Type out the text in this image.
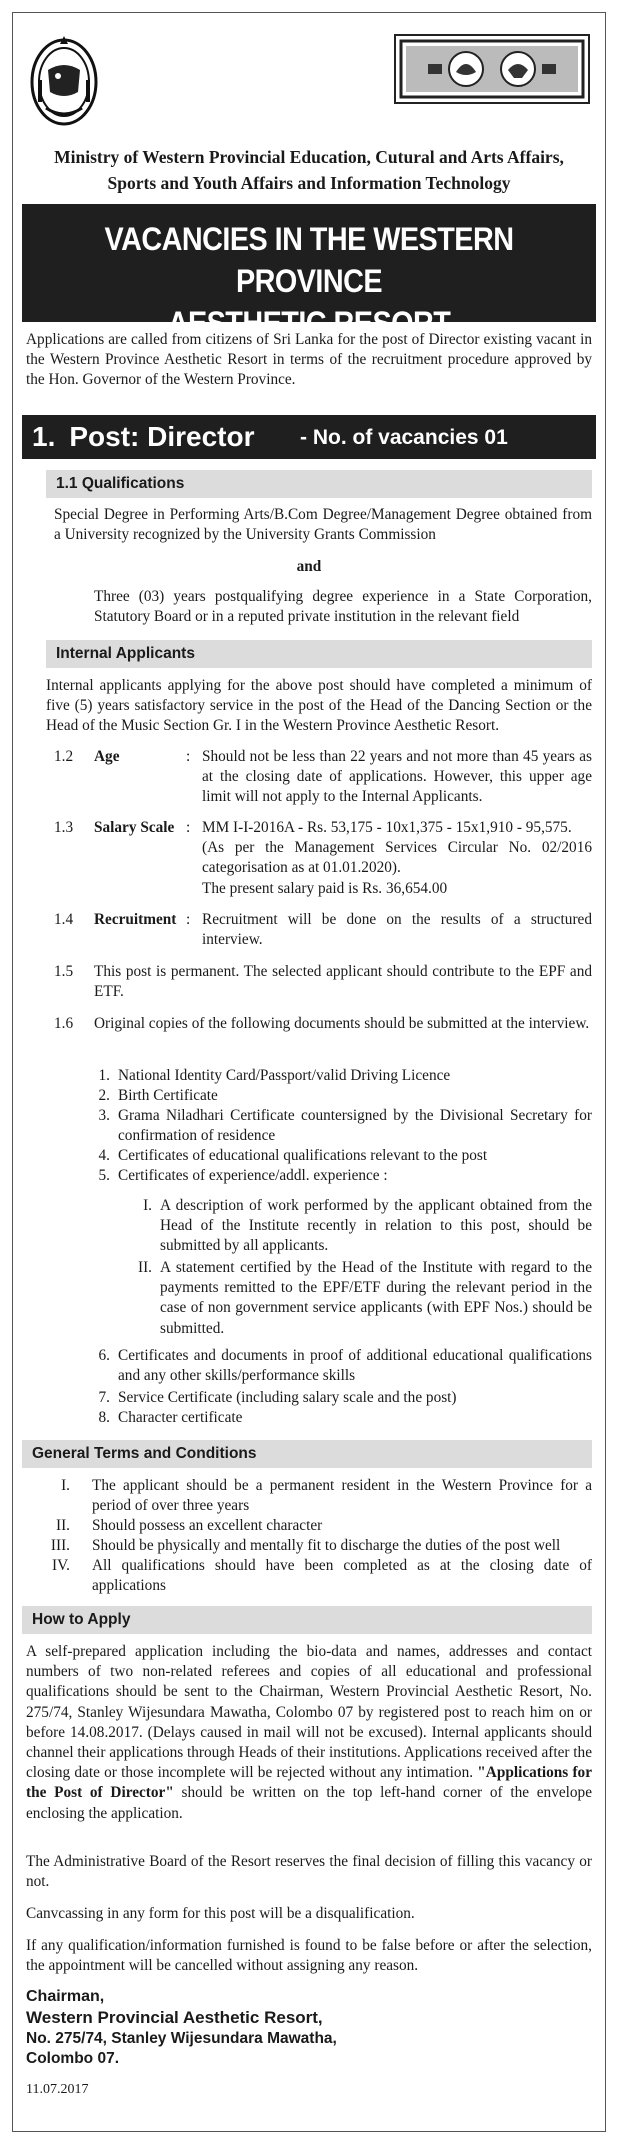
Ministry of Western Provincial Education, Cutural and Arts Affairs,
Sports and Youth Affairs and Information Technology
VACANCIES IN THE WESTERN PROVINCE
AESTHETIC RESORT
Applications are called from citizens of Sri Lanka for the post of Director existing vacant in the Western Province Aesthetic Resort in terms of the recruitment procedure approved by the Hon. Governor of the Western Province.
1. Post: Director - No. of vacancies 01
1.1 Qualifications
Special Degree in Performing Arts/B.Com Degree/Management Degree obtained from a University recognized by the University Grants Commission
and
Three (03) years postqualifying degree experience in a State Corporation, Statutory Board or in a reputed private institution in the relevant field
Internal Applicants
Internal applicants applying for the above post should have completed a minimum of five (5) years satisfactory service in the post of the Head of the Dancing Section or the Head of the Music Section Gr. I in the Western Province Aesthetic Resort.
1.2 Age	: Should not be less than 22 years and not more than 45 years as at the closing date of applications. However, this upper age limit will not apply to the Internal Applicants.
1.3 Salary Scale : MM I-I-2016A - Rs. 53,175 - 10x1,375 - 15x1,910 - 95,575.
(As per the Management Services Circular No. 02/2016 categorisation as at 01.01.2020).
The present salary paid is Rs. 36,654.00
1.4 Recruitment : Recruitment will be done on the results of a structured interview.
1.5 This post is permanent. The selected applicant should contribute to the EPF and ETF.
1.6 Original copies of the following documents should be submitted at the interview.
1. National Identity Card/Passport/valid Driving Licence
2. Birth Certificate
3. Grama Niladhari Certificate countersigned by the Divisional Secretary for confirmation of residence
4. Certificates of educational qualifications relevant to the post
5. Certificates of experience/addl. experience :
I. A description of work performed by the applicant obtained from the Head of the Institute recently in relation to this post, should be submitted by all applicants.
II. A statement certified by the Head of the Institute with regard to the payments remitted to the EPF/ETF during the relevant period in the case of non government service applicants (with EPF Nos.) should be submitted.
6. Certificates and documents in proof of additional educational qualifications and any other skills/performance skills
7. Service Certificate (including salary scale and the post)
8. Character certificate
General Terms and Conditions
I. The applicant should be a permanent resident in the Western Province for a period of over three years
II. Should possess an excellent character
III. Should be physically and mentally fit to discharge the duties of the post well
IV. All qualifications should have been completed as at the closing date of applications
How to Apply
A self-prepared application including the bio-data and names, addresses and contact numbers of two non-related referees and copies of all educational and professional qualifications should be sent to the Chairman, Western Provincial Aesthetic Resort, No. 275/74, Stanley Wijesundara Mawatha, Colombo 07 by registered post to reach him on or before 14.08.2017. (Delays caused in mail will not be excused). Internal applicants should channel their applications through Heads of their institutions. Applications received after the closing date or those incomplete will be rejected without any intimation. "Applications for the Post of Director" should be written on the top left-hand corner of the envelope enclosing the application.
The Administrative Board of the Resort reserves the final decision of filling this vacancy or not.
Canvcassing in any form for this post will be a disqualification.
If any qualification/information furnished is found to be false before or after the selection, the appointment will be cancelled without assigning any reason.
Chairman,
Western Provincial Aesthetic Resort,
No. 275/74, Stanley Wijesundara Mawatha,
Colombo 07.
11.07.2017
